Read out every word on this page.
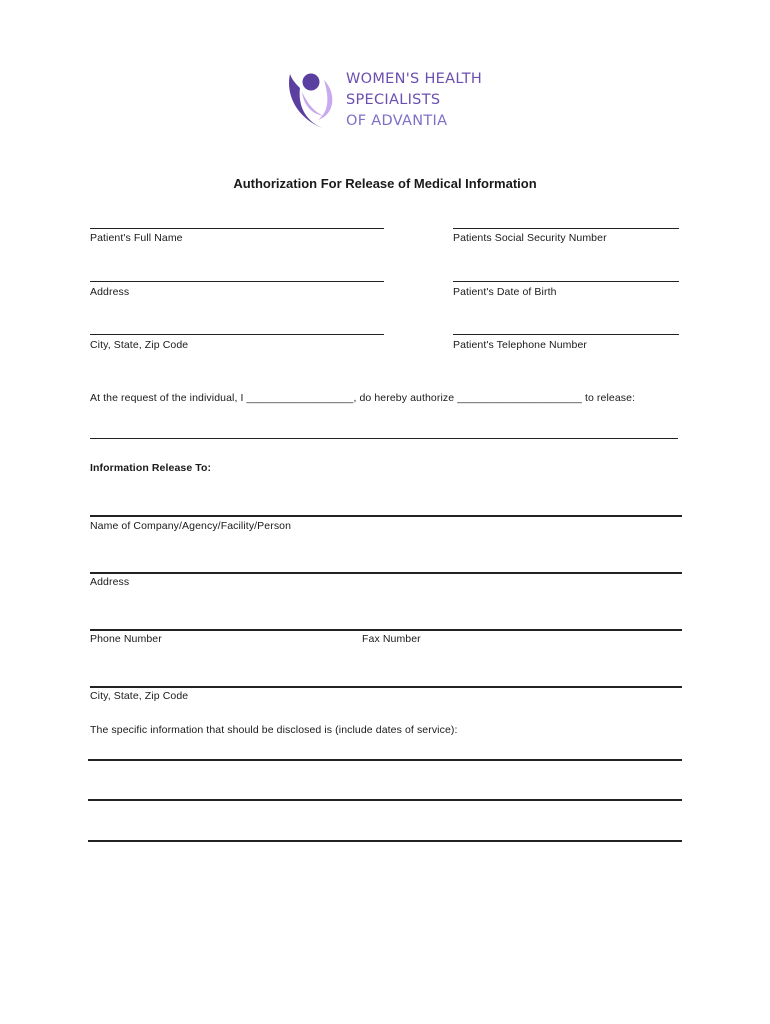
WOMEN'S HEALTH
SPECIALISTS
OF ADVANTIA
Authorization For Release of Medical Information
Patient's Full Name	Patients Social Security Number
Address	Patient's Date of Birth
City, State, Zip Code	Patient's Telephone Number
At the request of the individual, I __________________, do hereby authorize _____________________ to release:
Information Release To:
Name of Company/Agency/Facility/Person
Address
Phone Number	Fax Number
City, State, Zip Code
The specific information that should be disclosed is (include dates of service):
